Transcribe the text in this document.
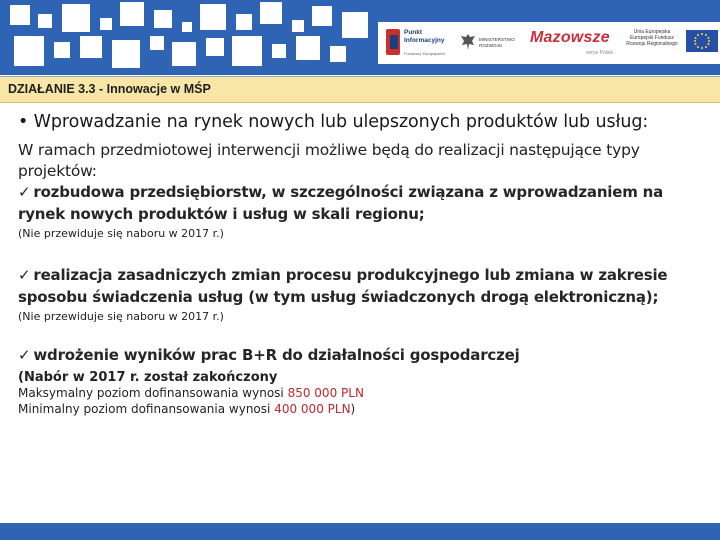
Punkt
Informacyjny
Funduszy Europejskich
MINISTERSTWO
ROZWOJU	Mazowsze
serce Polski
Unia Europejska
Europejski Fundusz
Rozwoju Regionalnego
DZIAŁANIE 3.3 - Innowacje w MŚP

• Wprowadzanie na rynek nowych lub ulepszonych produktów lub usług:

W ramach przedmiotowej interwencji możliwe będą do realizacji następujące typy projektów:

✓ rozbudowa przedsiębiorstw, w szczególności związana z wprowadzaniem na rynek nowych produktów i usług w skali regionu;

(Nie przewiduje się naboru w 2017 r.)

✓ realizacja zasadniczych zmian procesu produkcyjnego lub zmiana w zakresie sposobu świadczenia usług (w tym usług świadczonych drogą elektroniczną);

(Nie przewiduje się naboru w 2017 r.)

✓ wdrożenie wyników prac B+R do działalności gospodarczej

(Nabór w 2017 r. został zakończony

Maksymalny poziom dofinansowania wynosi 850 000 PLN

Minimalny poziom dofinansowania wynosi 400 000 PLN)
